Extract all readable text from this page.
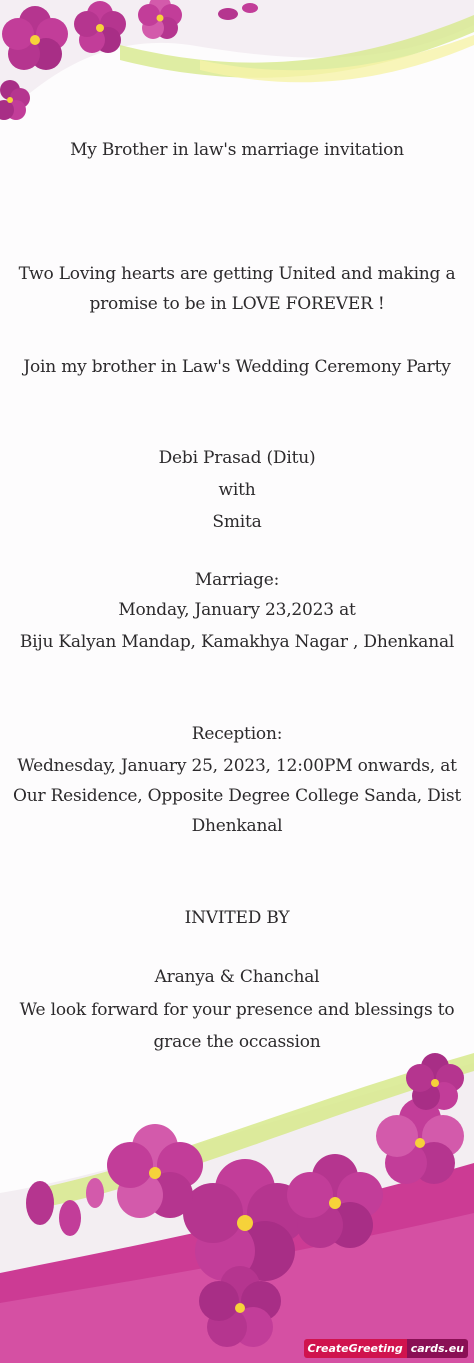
My Brother in law's marriage invitation
Two Loving hearts are getting United and making a
promise to be in LOVE FOREVER !
Join my brother in Law's Wedding Ceremony Party
Debi Prasad (Ditu)
with
Smita
Marriage:
Monday, January 23,2023 at
Biju Kalyan Mandap, Kamakhya Nagar , Dhenkanal
Reception:
Wednesday, January 25, 2023, 12:00PM onwards, at
Our Residence, Opposite Degree College Sanda, Dist
Dhenkanal
INVITED BY
Aranya & Chanchal
We look forward for your presence and blessings to
grace the occassion
CreateGreeting cards.eu
